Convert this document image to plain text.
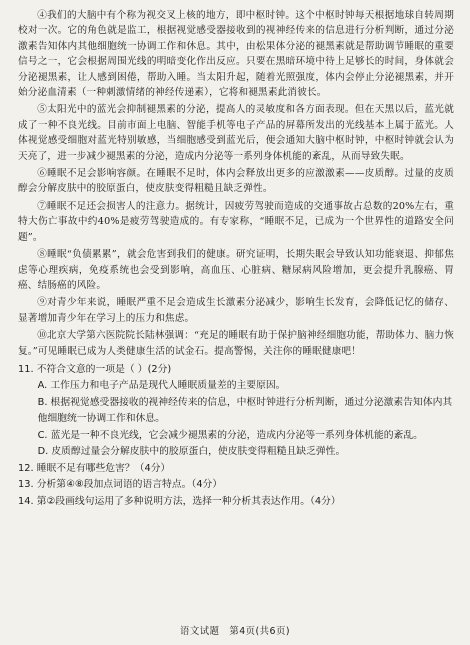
④我们的大脑中有个称为视交叉上核的地方，即中枢时钟。这个中枢时钟每天根据地球自转周期校对一次。它的角色就是监工，根据视觉感受器接收到的视神经传来的信息进行分析判断，通过分泌激素告知体内其他细胞统一协调工作和休息。其中，由松果体分泌的褪黑素就是帮助调节睡眠的重要信号之一，它会根据周围光线的明暗变化作出反应。只要在黑暗环境中待上足够长的时间，身体就会分泌褪黑素，让人感到困倦，帮助入睡。当太阳升起，随着光照强度，体内会停止分泌褪黑素，并开始分泌血清素（一种刺激情绪的神经传递素），它将和褪黑素此消彼长。

⑤太阳光中的蓝光会抑制褪黑素的分泌，提高人的灵敏度和各方面表现。但在天黑以后，蓝光就成了一种不良光线。目前市面上电脑、智能手机等电子产品的屏幕所发出的光线基本上属于蓝光。人体视觉感受细胞对蓝光特别敏感，当细胞感受到蓝光后，便会通知大脑中枢时钟，中枢时钟就会认为天亮了，进一步减少褪黑素的分泌，造成内分泌等一系列身体机能的紊乱，从而导致失眠。

⑥睡眠不足会影响容颜。在睡眠不足时，体内会释放出更多的应激激素——皮质醇。过量的皮质醇会分解皮肤中的胶原蛋白，使皮肤变得粗糙且缺乏弹性。

⑦睡眠不足还会损害人的注意力。据统计，因疲劳驾驶而造成的交通事故占总数的20%左右，重特大伤亡事故中约40%是疲劳驾驶造成的。有专家称，“睡眠不足，已成为一个世界性的道路安全问题”。

⑧睡眠“负债累累”，就会危害到我们的健康。研究证明，长期失眠会导致认知功能衰退、抑郁焦虑等心理疾病，免疫系统也会受到影响，高血压、心脏病、糖尿病风险增加，更会提升乳腺癌、胃癌、结肠癌的风险。

⑨对青少年来说，睡眠严重不足会造成生长激素分泌减少，影响生长发育，会降低记忆的储存、显著增加青少年在学习上的压力和焦虑。

⑩北京大学第六医院院长陆林强调：“充足的睡眠有助于保护脑神经细胞功能，帮助体力、脑力恢复。”可见睡眠已成为人类健康生活的试金石。提高警惕，关注你的睡眠健康吧！

11. 不符合文意的一项是（ ）(2分)

A. 工作压力和电子产品是现代人睡眠质量差的主要原因。

B. 根据视觉感受器接收的视神经传来的信息，中枢时钟进行分析判断，通过分泌激素告知体内其他细胞统一协调工作和休息。

C. 蓝光是一种不良光线，它会减少褪黑素的分泌，造成内分泌等一系列身体机能的紊乱。

D. 皮质醇过量会分解皮肤中的胶原蛋白，使皮肤变得粗糙且缺乏弹性。

12. 睡眠不足有哪些危害？（4分）

13. 分析第④⑧段加点词语的语言特点。（4分）

14. 第②段画线句运用了多种说明方法，选择一种分析其表达作用。（4分）

语文试题　第4页(共6页)
